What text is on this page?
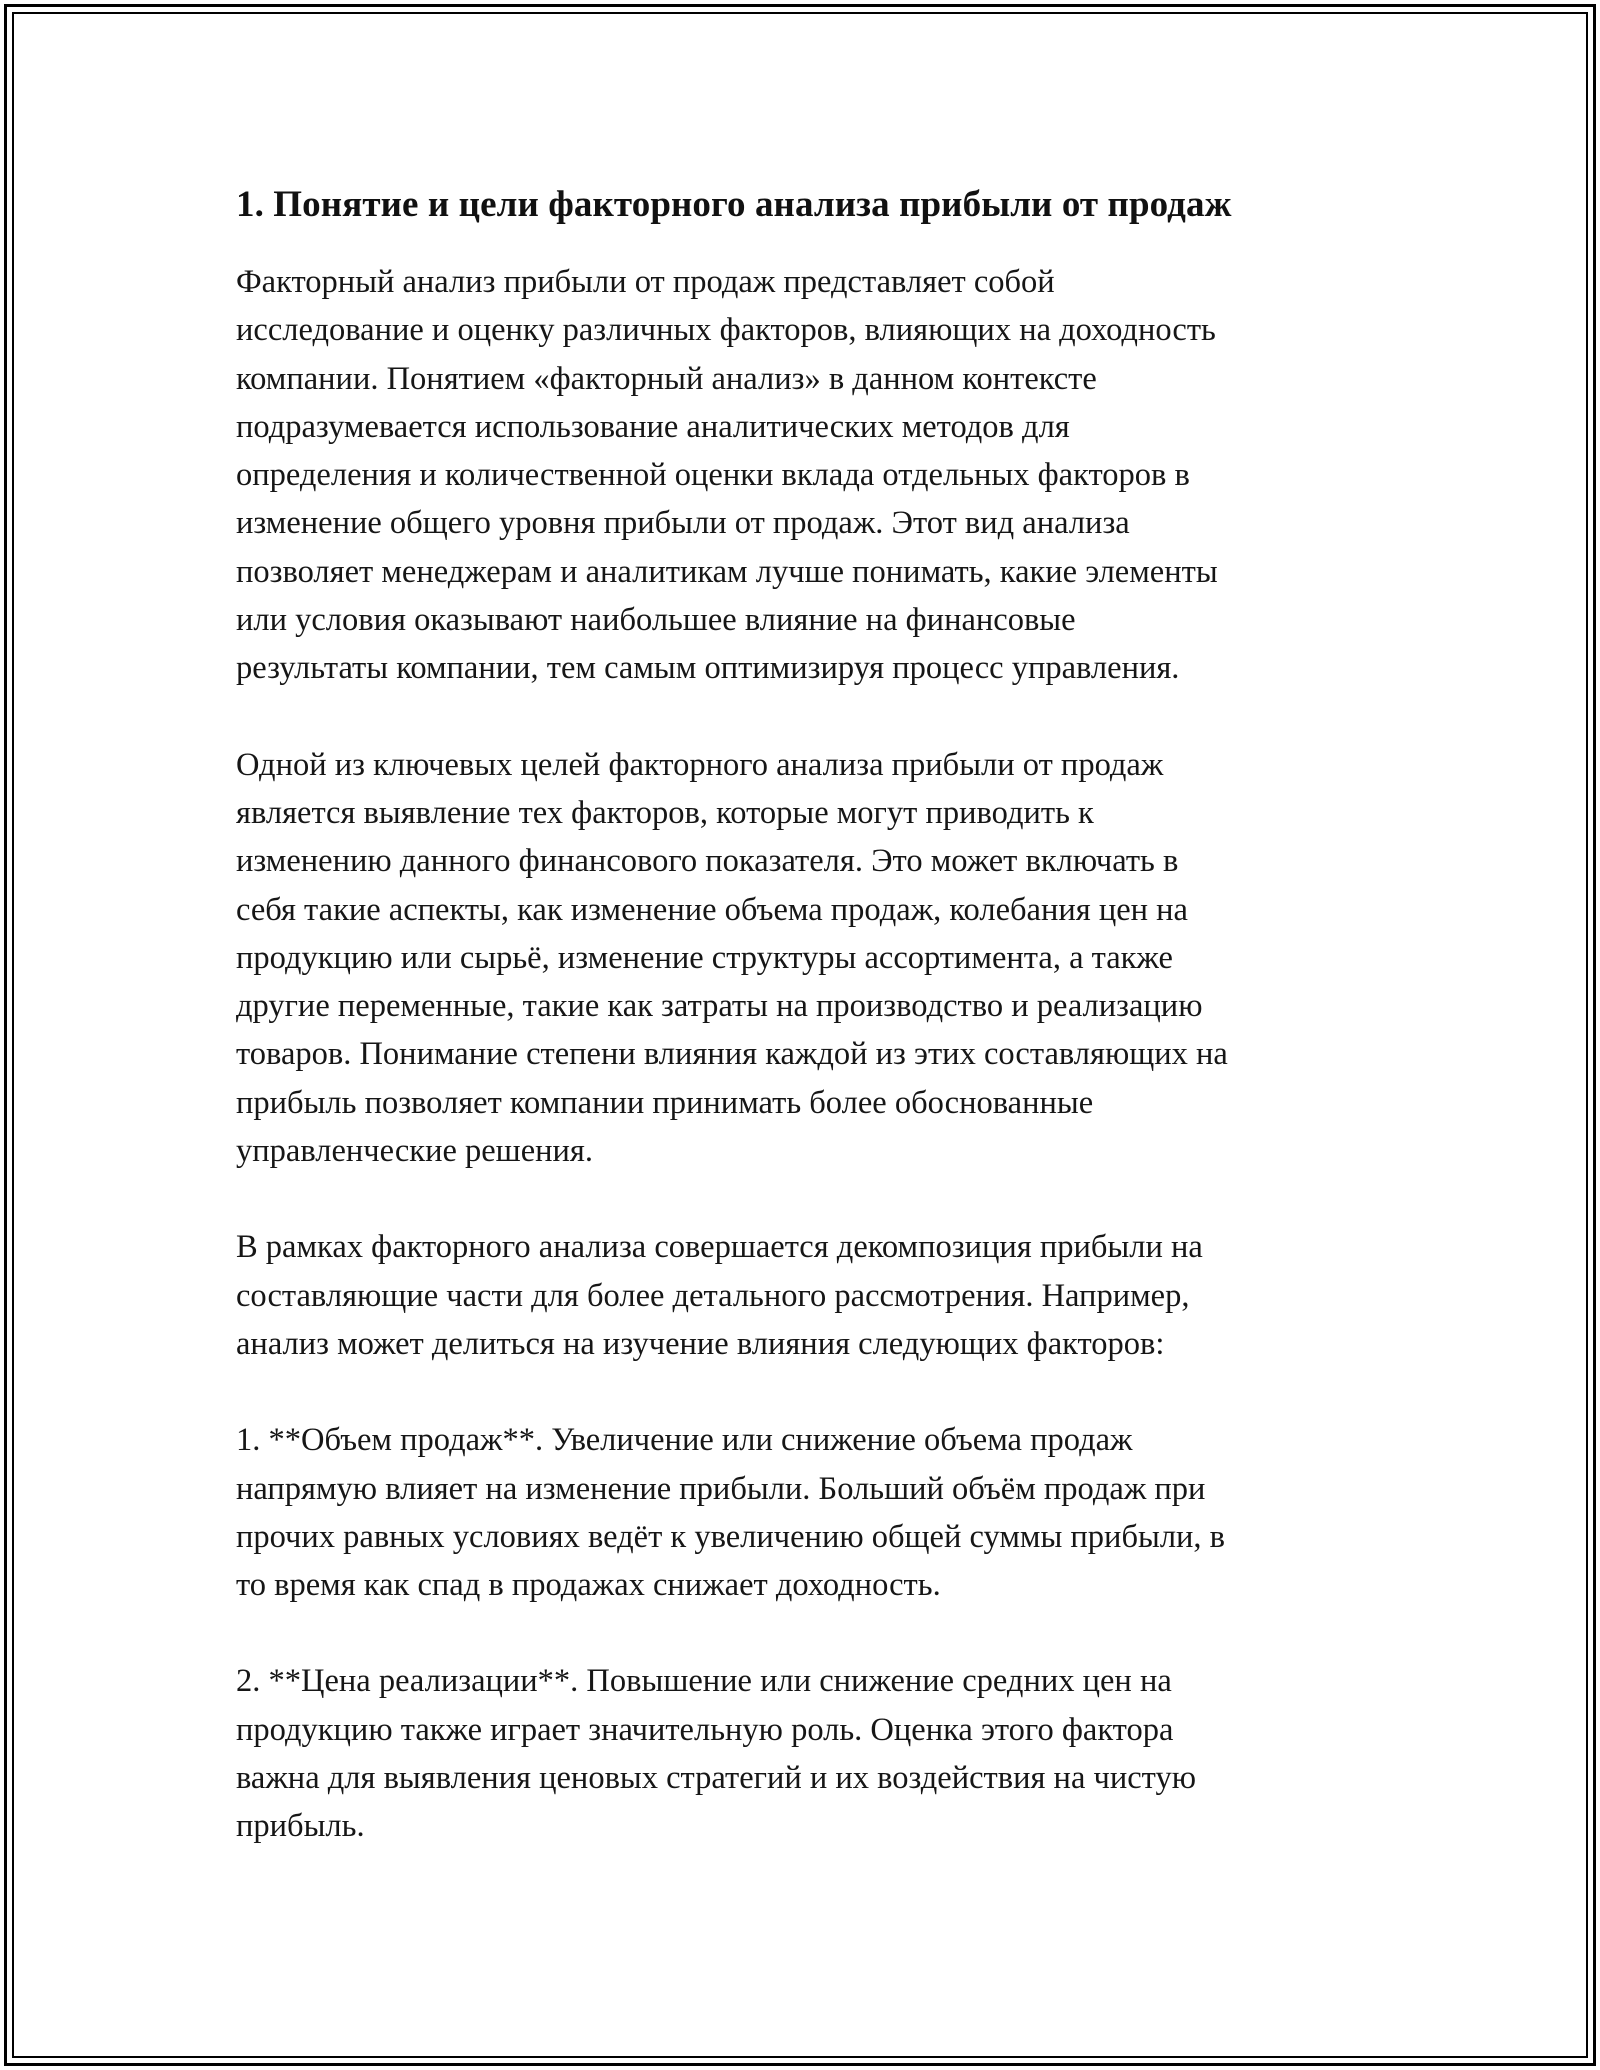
1. Понятие и цели факторного анализа прибыли от продаж

Факторный анализ прибыли от продаж представляет собой
исследование и оценку различных факторов, влияющих на доходность
компании. Понятием «факторный анализ» в данном контексте
подразумевается использование аналитических методов для
определения и количественной оценки вклада отдельных факторов в
изменение общего уровня прибыли от продаж. Этот вид анализа
позволяет менеджерам и аналитикам лучше понимать, какие элементы
или условия оказывают наибольшее влияние на финансовые
результаты компании, тем самым оптимизируя процесс управления.

Одной из ключевых целей факторного анализа прибыли от продаж
является выявление тех факторов, которые могут приводить к
изменению данного финансового показателя. Это может включать в
себя такие аспекты, как изменение объема продаж, колебания цен на
продукцию или сырьё, изменение структуры ассортимента, а также
другие переменные, такие как затраты на производство и реализацию
товаров. Понимание степени влияния каждой из этих составляющих на
прибыль позволяет компании принимать более обоснованные
управленческие решения.

В рамках факторного анализа совершается декомпозиция прибыли на
составляющие части для более детального рассмотрения. Например,
анализ может делиться на изучение влияния следующих факторов:

1. **Объем продаж**. Увеличение или снижение объема продаж
напрямую влияет на изменение прибыли. Больший объём продаж при
прочих равных условиях ведёт к увеличению общей суммы прибыли, в
то время как спад в продажах снижает доходность.

2. **Цена реализации**. Повышение или снижение средних цен на
продукцию также играет значительную роль. Оценка этого фактора
важна для выявления ценовых стратегий и их воздействия на чистую
прибыль.
